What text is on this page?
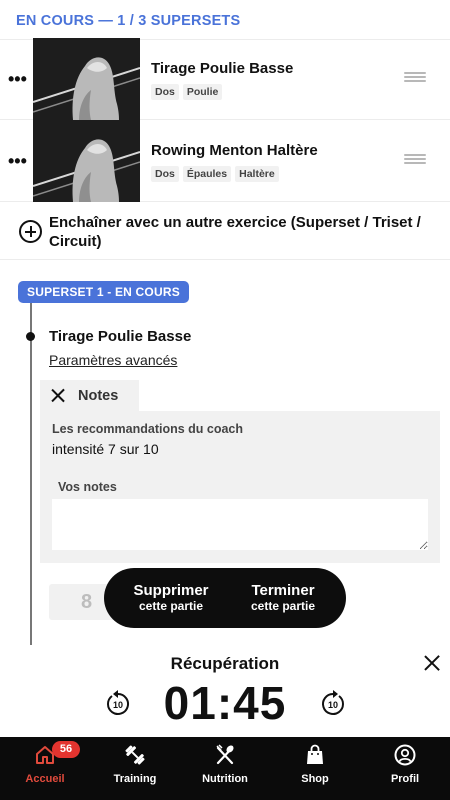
EN COURS — 1 / 3 SUPERSETS
•••
Tirage Poulie Basse
Dos	Poulie
•••
Rowing Menton Haltère
Dos	Épaules	Haltère
Enchaîner avec un autre exercice (Superset / Triset / Circuit)
SUPERSET 1 - EN COURS
Tirage Poulie Basse
Paramètres avancés
Notes
Les recommandations du coach
intensité 7 sur 10
Vos notes
8
Supprimer
cette partie
Terminer
cette partie
Récupération
10 01:45	10
56
Accueil	Training	Nutrition	Shop	Profil
